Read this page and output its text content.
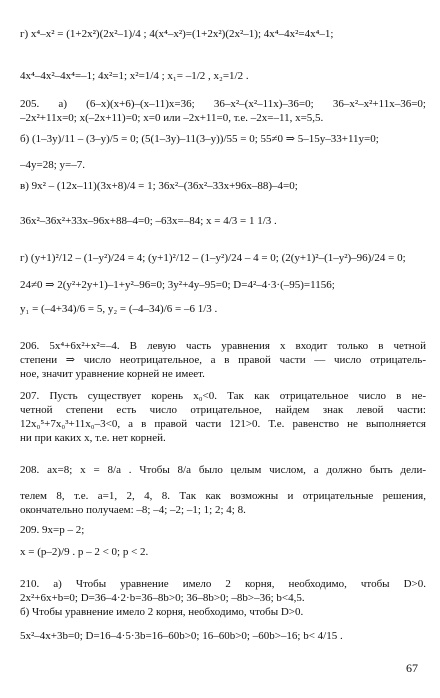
г) x⁴–x² = (1+2x²)(2x²–1)/4 ; 4(x⁴–x²)=(1+2x²)(2x²–1); 4x⁴–4x²=4x⁴–1;
4x⁴–4x²–4x⁴=–1; 4x²=1; x²=1/4 ; x₁= –1/2 , x₂=1/2 .
205. а) (6–x)(x+6)–(x–11)x=36; 36–x²–(x²–11x)–36=0; 36–x²–x²+11x–36=0;
–2x²+11x=0; x(–2x+11)=0; x=0 или –2x+11=0, т.е. –2x=–11, x=5,5.
б) (1–3y)/11 – (3–y)/5 = 0; (5(1–3y)–11(3–y))/55 = 0; 55≠0 ⇒ 5–15y–33+11y=0;
–4y=28; y=–7.
в) 9x² – (12x–11)(3x+8)/4 = 1; 36x²–(36x²–33x+96x–88)–4=0;
36x²–36x²+33x–96x+88–4=0; –63x=–84; x = 4/3 = 1 1/3 .
г) (y+1)²/12 – (1–y²)/24 = 4; (y+1)²/12 – (1–y²)/24 – 4 = 0; (2(y+1)²–(1–y²)–96)/24 = 0;
24≠0 ⇒ 2(y²+2y+1)–1+y²–96=0; 3y²+4y–95=0; D=4²–4·3·(–95)=1156;
y₁ = (–4+34)/6 = 5, y₂ = (–4–34)/6 = –6 1/3 .
206. 5x⁴+6x²+x²=–4. В левую часть уравнения x входит только в четной
степени ⇒ число неотрицательное, а в правой части — число отрицатель-
ное, значит уравнение корней не имеет.
207. Пусть существует корень x₀<0. Так как отрицательное число в не-
четной степени есть число отрицательное, найдем знак левой части:
12x₀⁵+7x₀³+11x₀–3<0, а в правой части 121>0. Т.е. равенство не выполняется
ни при каких x, т.е. нет корней.
208. ax=8; x = 8/a . Чтобы 8/a было целым числом, a должно быть дели-
телем 8, т.е. a=1, 2, 4, 8. Так как возможны и отрицательные решения,
окончательно получаем: –8; –4; –2; –1; 1; 2; 4; 8.
209. 9x=p – 2;
x = (p–2)/9 . p – 2 < 0; p < 2.
210. а) Чтобы уравнение имело 2 корня, необходимо, чтобы D>0.
2x²+6x+b=0; D=36–4·2·b=36–8b>0; 36–8b>0; –8b>–36; b<4,5.
б) Чтобы уравнение имело 2 корня, необходимо, чтобы D>0.
5x²–4x+3b=0; D=16–4·5·3b=16–60b>0; 16–60b>0; –60b>–16; b< 4/15 .
67
